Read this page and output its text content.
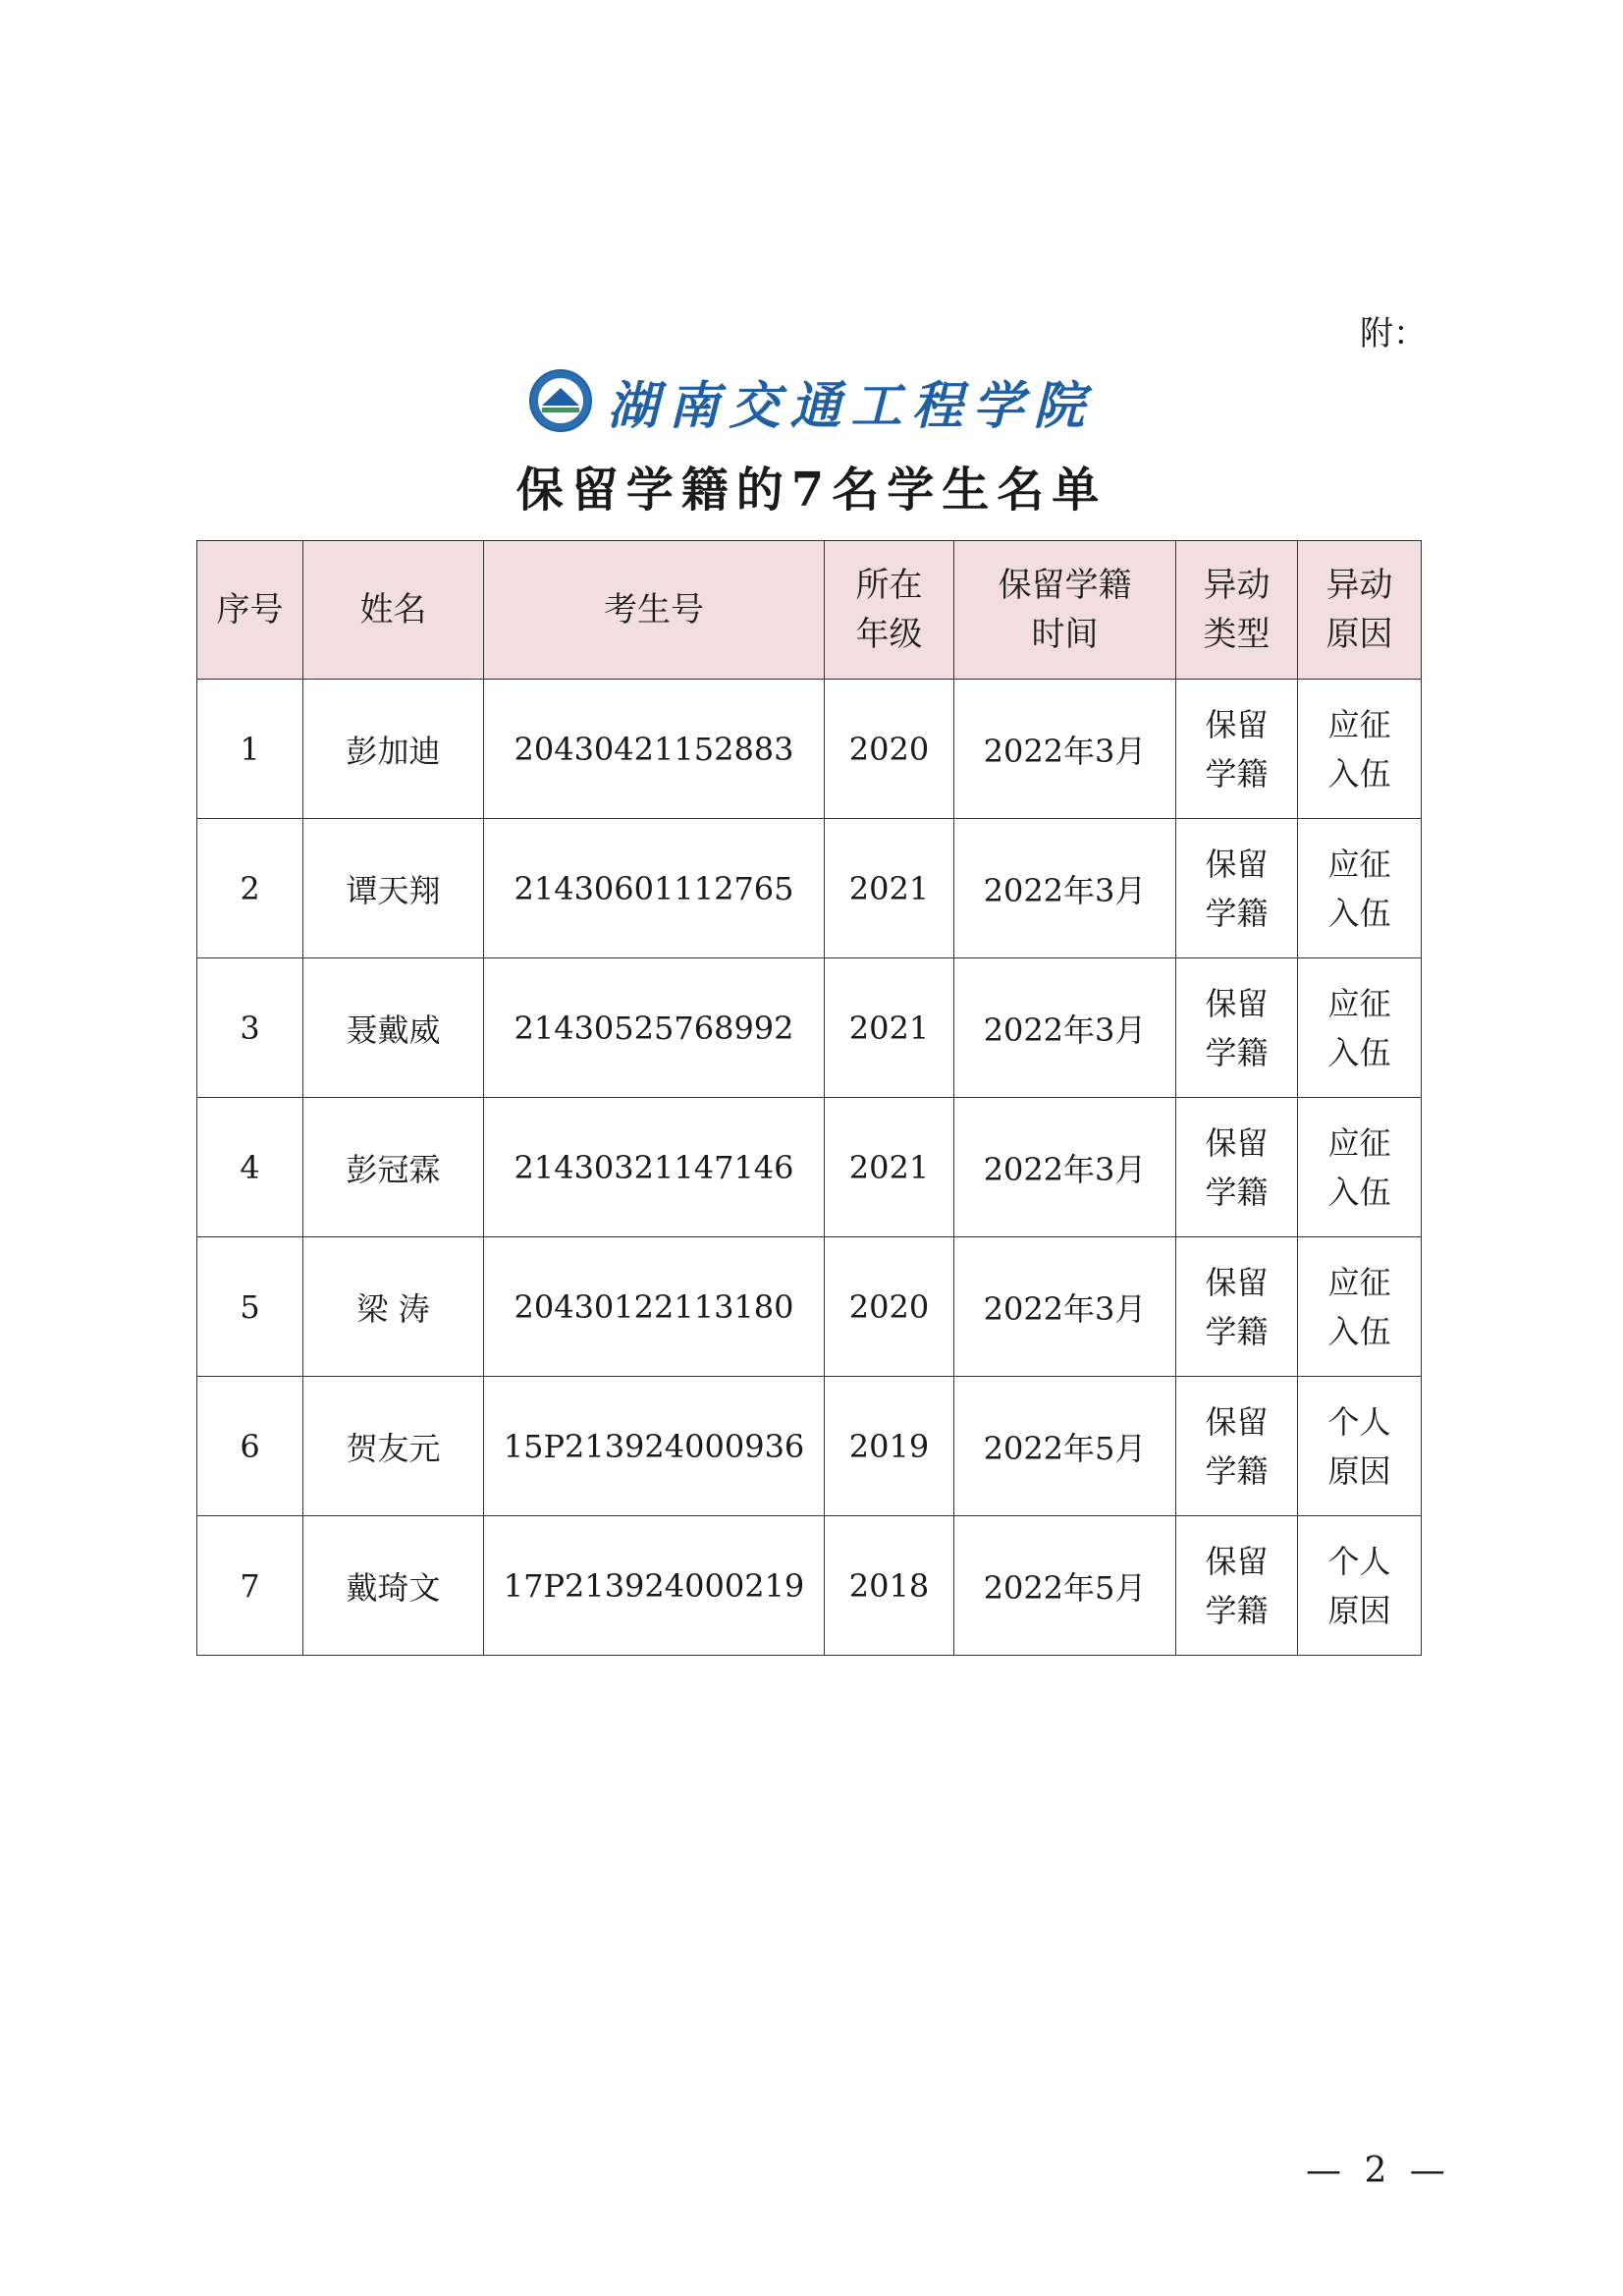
附：
湖南交通工程学院
保留学籍的7名学生名单
序号	姓名	考生号	所在年级	保留学籍时间	异动类型	异动原因
1	彭加迪	20430421152883	2020	2022年3月	保留学籍	应征入伍
2	谭天翔	21430601112765	2021	2022年3月	保留学籍	应征入伍
3	聂戴威	21430525768992	2021	2022年3月	保留学籍	应征入伍
4	彭冠霖	21430321147146	2021	2022年3月	保留学籍	应征入伍
5	梁 涛	20430122113180	2020	2022年3月	保留学籍	应征入伍
6	贺友元	15P213924000936	2019	2022年5月	保留学籍	个人原因
7	戴琦文	17P213924000219	2018	2022年5月	保留学籍	个人原因
— 2 —
